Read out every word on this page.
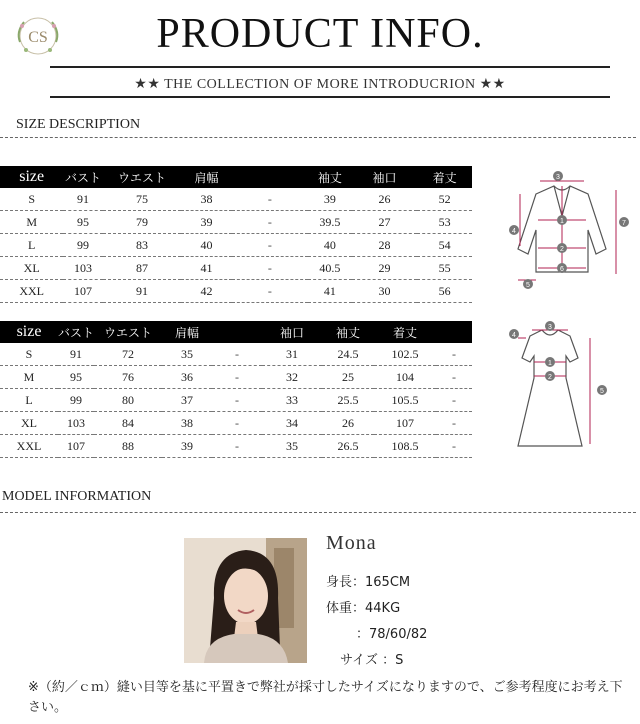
CS	PRODUCT INFO.
★★ THE COLLECTION OF MORE INTRODUCRION ★★
SIZE DESCRIPTION
size	バスト	ウエスト	肩幅		袖丈	袖口	着丈
S	91	75	38	-	39	26	52
M	95	79	39	-	39.5	27	53
L	99	83	40	-	40	28	54
XL	103	87	41	-	40.5	29	55
XXL	107	91	42	-	41	30	56
size	バスト	ウエスト	肩幅		袖口	袖丈	着丈	
S	91	72	35	-	31	24.5	102.5	-
M	95	76	36	-	32	25	104	-
L	99	80	37	-	33	25.5	105.5	-
XL	103	84	38	-	34	26	107	-
XXL	107	88	39	-	35	26.5	108.5	-
1
2
3
4
5
6
7
1
2
3
4
5
MODEL INFORMATION
Mona
身長：165CM
体重：44KG
：78/60/82
サイズ ：S
※（約／ｃｍ）縫い目等を基に平置きで弊社が採寸したサイズになりますので、ご参考程度にお考え下さい。
